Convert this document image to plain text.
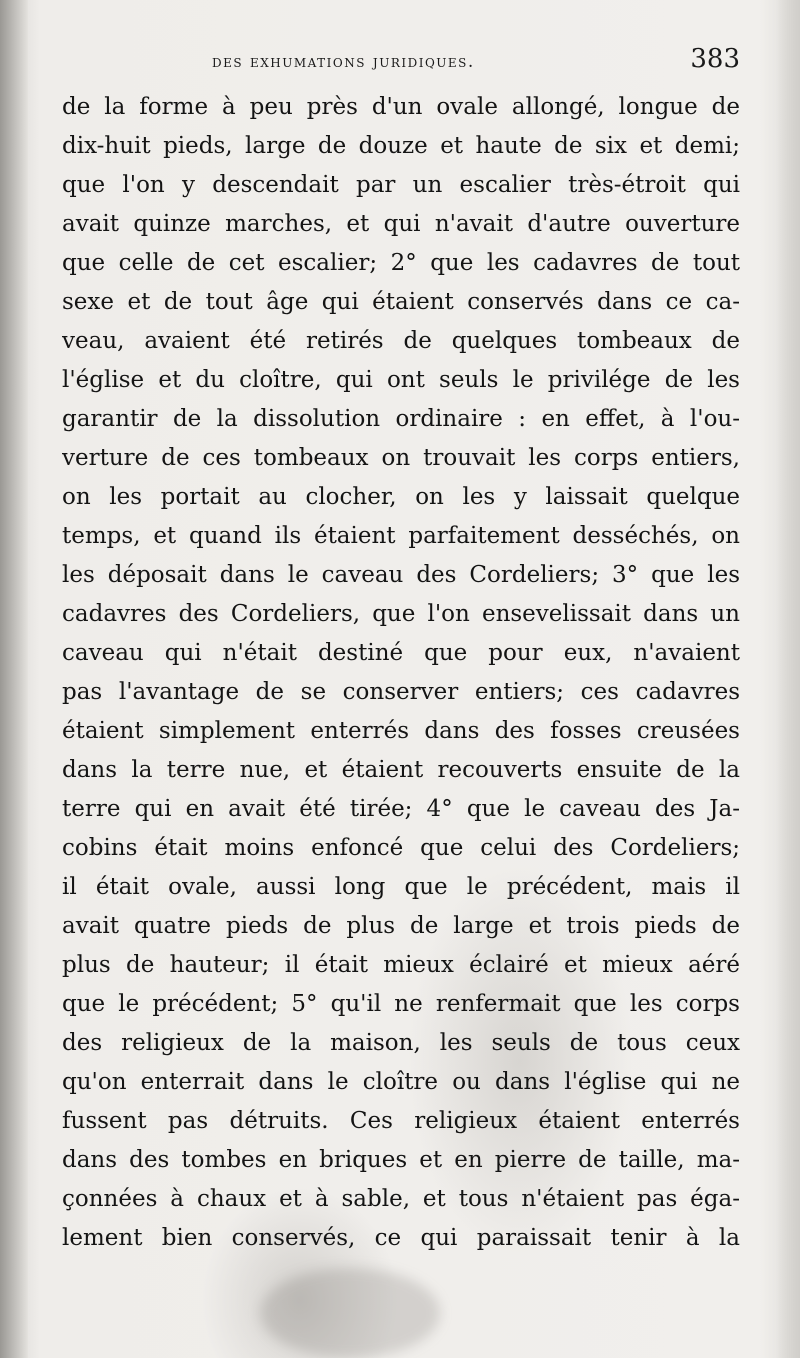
des exhumations juridiques.	383
de la forme à peu près d'un ovale allongé, longue de
dix-huit pieds, large de douze et haute de six et demi;
que l'on y descendait par un escalier très-étroit qui
avait quinze marches, et qui n'avait d'autre ouverture
que celle de cet escalier; 2° que les cadavres de tout
sexe et de tout âge qui étaient conservés dans ce ca-
veau, avaient été retirés de quelques tombeaux de
l'église et du cloître, qui ont seuls le privilége de les
garantir de la dissolution ordinaire : en effet, à l'ou-
verture de ces tombeaux on trouvait les corps entiers,
on les portait au clocher, on les y laissait quelque
temps, et quand ils étaient parfaitement desséchés, on
les déposait dans le caveau des Cordeliers; 3° que les
cadavres des Cordeliers, que l'on ensevelissait dans un
caveau qui n'était destiné que pour eux, n'avaient
pas l'avantage de se conserver entiers; ces cadavres
étaient simplement enterrés dans des fosses creusées
dans la terre nue, et étaient recouverts ensuite de la
terre qui en avait été tirée; 4° que le caveau des Ja-
cobins était moins enfoncé que celui des Cordeliers;
il était ovale, aussi long que le précédent, mais il
avait quatre pieds de plus de large et trois pieds de
plus de hauteur; il était mieux éclairé et mieux aéré
que le précédent; 5° qu'il ne renfermait que les corps
des religieux de la maison, les seuls de tous ceux
qu'on enterrait dans le cloître ou dans l'église qui ne
fussent pas détruits. Ces religieux étaient enterrés
dans des tombes en briques et en pierre de taille, ma-
çonnées à chaux et à sable, et tous n'étaient pas éga-
lement bien conservés, ce qui paraissait tenir à la
